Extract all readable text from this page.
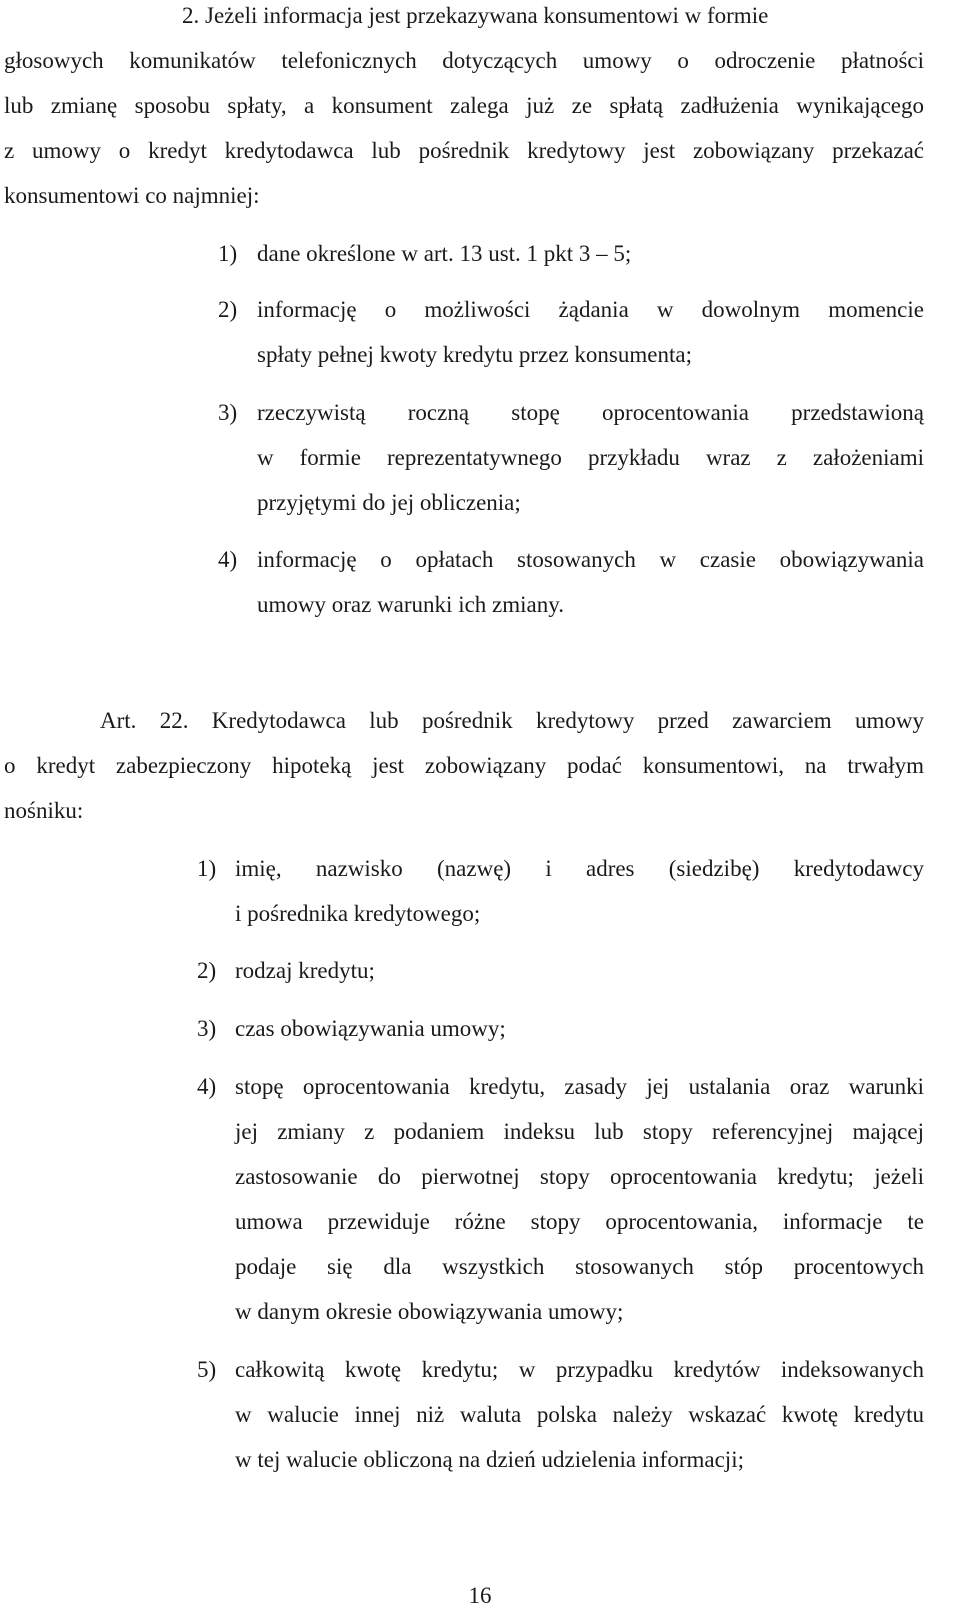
2. Jeżeli informacja jest przekazywana konsumentowi w formie
głosowych komunikatów telefonicznych dotyczących umowy o odroczenie płatności
lub zmianę sposobu spłaty, a konsument zalega już ze spłatą zadłużenia wynikającego
z umowy o kredyt kredytodawca lub pośrednik kredytowy jest zobowiązany przekazać
konsumentowi co najmniej:
1) dane określone w art. 13 ust. 1 pkt 3 – 5;
2) informację o możliwości żądania w dowolnym momencie
spłaty pełnej kwoty kredytu przez konsumenta;
3) rzeczywistą roczną stopę oprocentowania przedstawioną
w formie reprezentatywnego przykładu wraz z założeniami
przyjętymi do jej obliczenia;
4) informację o opłatach stosowanych w czasie obowiązywania
umowy oraz warunki ich zmiany.
Art. 22. Kredytodawca lub pośrednik kredytowy przed zawarciem umowy
o kredyt zabezpieczony hipoteką jest zobowiązany podać konsumentowi, na trwałym
nośniku:
1) imię, nazwisko (nazwę) i adres (siedzibę) kredytodawcy
i pośrednika kredytowego;
2) rodzaj kredytu;
3) czas obowiązywania umowy;
4) stopę oprocentowania kredytu, zasady jej ustalania oraz warunki
jej zmiany z podaniem indeksu lub stopy referencyjnej mającej
zastosowanie do pierwotnej stopy oprocentowania kredytu; jeżeli
umowa przewiduje różne stopy oprocentowania, informacje te
podaje się dla wszystkich stosowanych stóp procentowych
w danym okresie obowiązywania umowy;
5) całkowitą kwotę kredytu; w przypadku kredytów indeksowanych
w walucie innej niż waluta polska należy wskazać kwotę kredytu
w tej walucie obliczoną na dzień udzielenia informacji;
16
